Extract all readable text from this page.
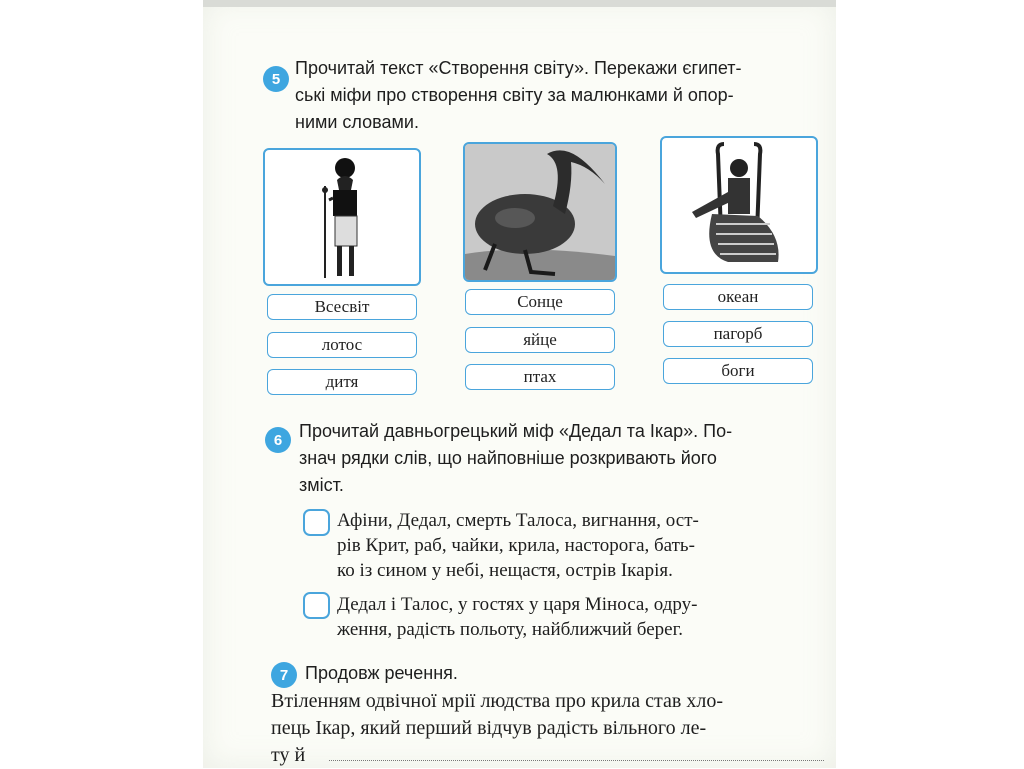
5
Прочитай текст «Створення світу». Перекажи єгипет-
ські міфи про створення світу за малюнками й опор-
ними словами.
Всесвіт
лотос
дитя
Сонце
яйце
птах
океан
пагорб
боги
6 Прочитай давньогрецький міф «Дедал та Ікар». По-
знач рядки слів, що найповніше розкривають його
зміст.
Афіни, Дедал, смерть Талоса, вигнання, ост-
рів Крит, раб, чайки, крила, насторога, бать-
ко із сином у небі, нещастя, острів Ікарія.
Дедал і Талос, у гостях у царя Міноса, одру-
ження, радість польоту, найближчий берег.
7 Продовж речення.
Втіленням одвічної мрії людства про крила став хло-
пець Ікар, який перший відчув радість вільного ле-
ту й
